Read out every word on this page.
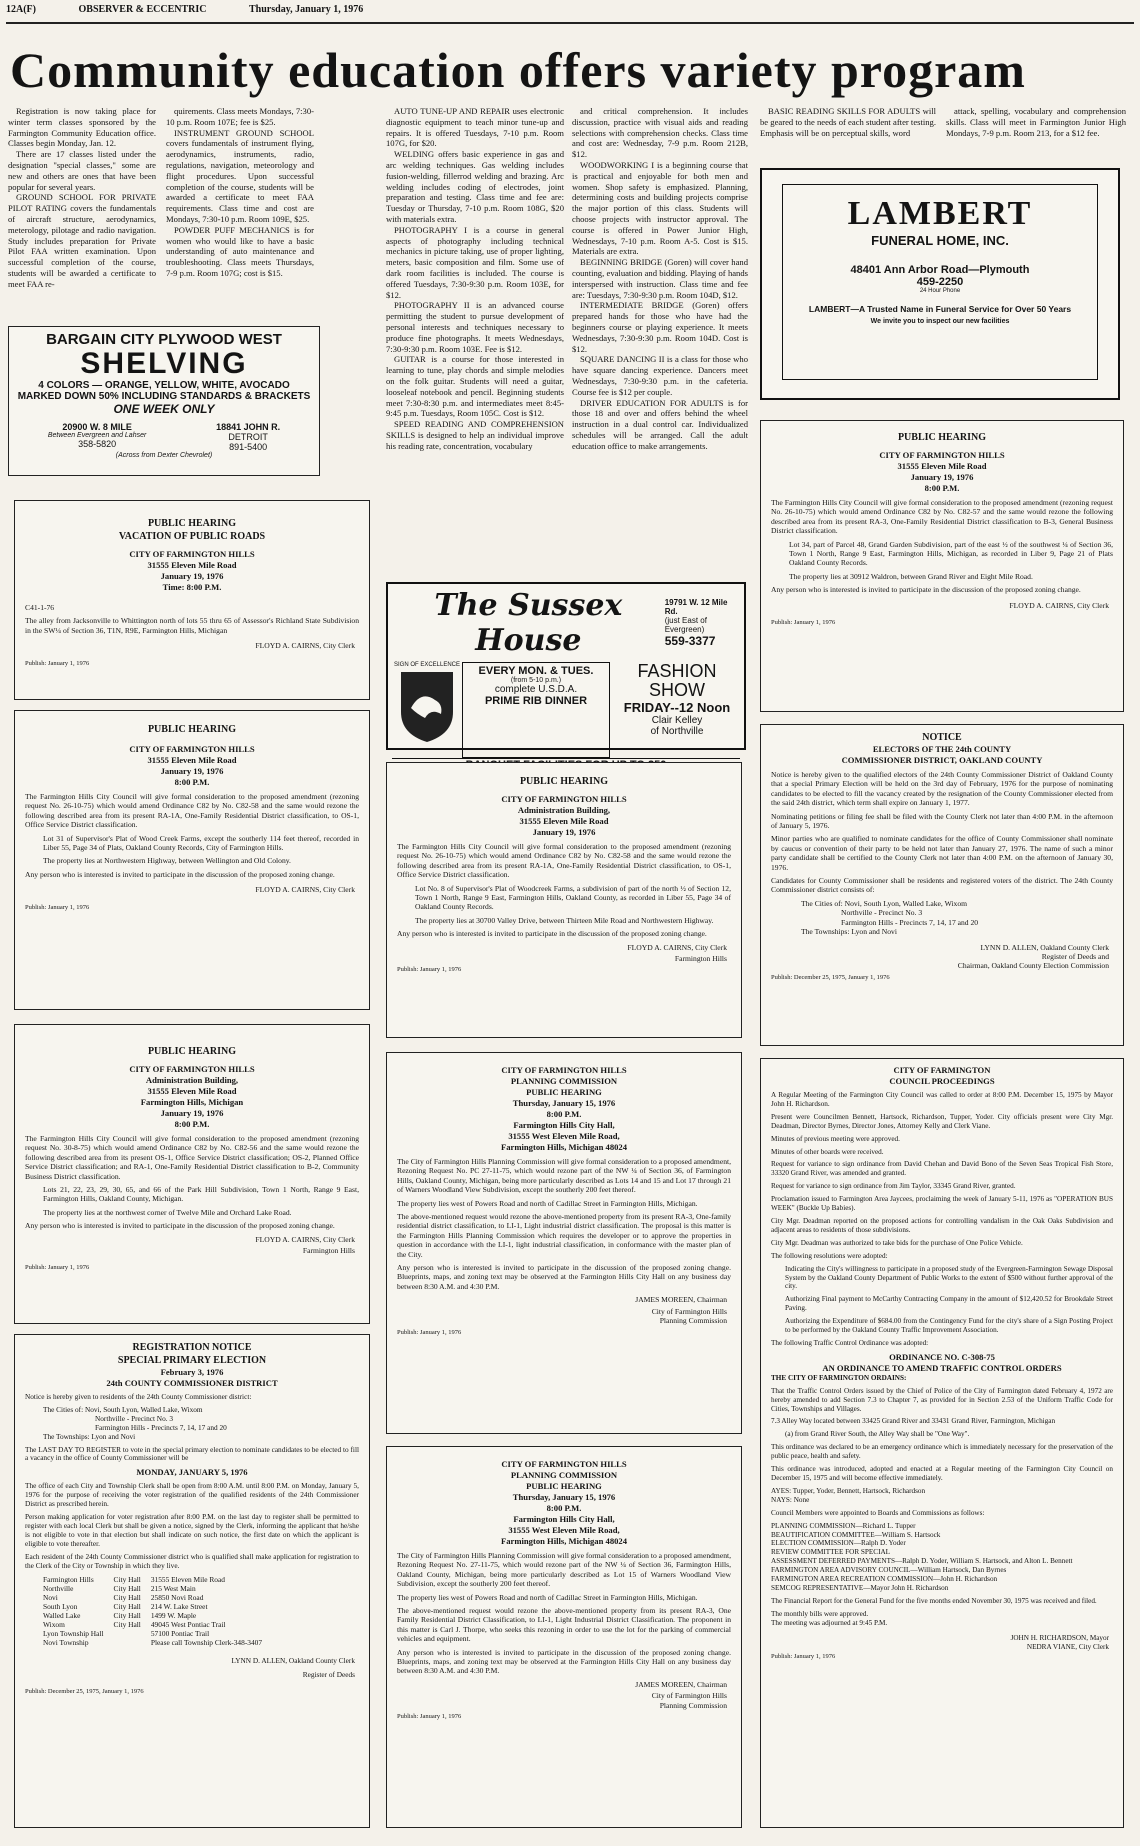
12A(F)	OBSERVER & ECCENTRIC	Thursday, January 1, 1976
Community education offers variety program

Registration is now taking place for winter term classes sponsored by the Farmington Community Education office. Classes begin Monday, Jan. 12.

There are 17 classes listed under the designation "special classes," some are new and others are ones that have been popular for several years.

GROUND SCHOOL FOR PRIVATE PILOT RATING covers the fundamentals of aircraft structure, aerodynamics, meterology, pilotage and radio navigation. Study includes preparation for Private Pilot FAA written examination. Upon successful completion of the course, students will be awarded a certificate to meet FAA re-

quirements. Class meets Mondays, 7:30-10 p.m. Room 107E; fee is $25.

INSTRUMENT GROUND SCHOOL covers fundamentals of instrument flying, aerodynamics, instruments, radio, regulations, navigation, meteorology and flight procedures. Upon successful completion of the course, students will be awarded a certificate to meet FAA requirements. Class time and cost are Mondays, 7:30-10 p.m. Room 109E, $25.

POWDER PUFF MECHANICS is for women who would like to have a basic understanding of auto maintenance and troubleshooting. Class meets Thursdays, 7-9 p.m. Room 107G; cost is $15.

AUTO TUNE-UP AND REPAIR uses electronic diagnostic equipment to teach minor tune-up and repairs. It is offered Tuesdays, 7-10 p.m. Room 107G, for $20.

WELDING offers basic experience in gas and arc welding techniques. Gas welding includes fusion-welding, fillerrod welding and brazing. Arc welding includes coding of electrodes, joint preparation and testing. Class time and fee are: Tuesday or Thursday, 7-10 p.m. Room 108G, $20 with materials extra.

PHOTOGRAPHY I is a course in general aspects of photography including technical mechanics in picture taking, use of proper lighting, meters, basic composition and film. Some use of dark room facilities is included. The course is offered Tuesdays, 7:30-9:30 p.m. Room 103E, for $12.

PHOTOGRAPHY II is an advanced course permitting the student to pursue development of personal interests and techniques necessary to produce fine photographs. It meets Wednesdays, 7:30-9:30 p.m. Room 103E. Fee is $12.

GUITAR is a course for those interested in learning to tune, play chords and simple melodies on the folk guitar. Students will need a guitar, looseleaf notebook and pencil. Beginning students meet 7:30-8:30 p.m. and intermediates meet 8:45-9:45 p.m. Tuesdays, Room 105C. Cost is $12.

SPEED READING AND COMPREHENSION SKILLS is designed to help an individual improve his reading rate, concentration, vocabulary

and critical comprehension. It includes discussion, practice with visual aids and reading selections with comprehension checks. Class time and cost are: Wednesday, 7-9 p.m. Room 212B, $12.

WOODWORKING I is a beginning course that is practical and enjoyable for both men and women. Shop safety is emphasized. Planning, determining costs and building projects comprise the major portion of this class. Students will choose projects with instructor approval. The course is offered in Power Junior High, Wednesdays, 7-10 p.m. Room A-5. Cost is $15. Materials are extra.

BEGINNING BRIDGE (Goren) will cover hand counting, evaluation and bidding. Playing of hands interspersed with instruction. Class time and fee are: Tuesdays, 7:30-9:30 p.m. Room 104D, $12.

INTERMEDIATE BRIDGE (Goren) offers prepared hands for those who have had the beginners course or playing experience. It meets Wednesdays, 7:30-9:30 p.m. Room 104D. Cost is $12.

SQUARE DANCING II is a class for those who have square dancing experience. Dancers meet Wednesdays, 7:30-9:30 p.m. in the cafeteria. Course fee is $12 per couple.

DRIVER EDUCATION FOR ADULTS is for those 18 and over and offers behind the wheel instruction in a dual control car. Individualized schedules will be arranged. Call the adult education office to make arrangements.

BASIC READING SKILLS FOR ADULTS will be geared to the needs of each student after testing. Emphasis will be on perceptual skills, word

attack, spelling, vocabulary and comprehension skills. Class will meet in Farmington Junior High Mondays, 7-9 p.m. Room 213, for a $12 fee.

BARGAIN CITY PLYWOOD WEST
SHELVING
4 COLORS — ORANGE, YELLOW, WHITE, AVOCADO
MARKED DOWN 50% INCLUDING STANDARDS & BRACKETS
ONE WEEK ONLY
20900 W. 8 MILE
Between Evergreen and Lahser
358-5820
18841 JOHN R.
DETROIT
891-5400
(Across from Dexter Chevrolet)
LAMBERT
FUNERAL HOME, INC.
48401 Ann Arbor Road—Plymouth
459-2250
24 Hour Phone
LAMBERT—A Trusted Name in Funeral Service for Over 50 Years
We invite you to inspect our new facilities
The Sussex House
19791 W. 12 Mile Rd.
(just East of Evergreen)
559-3377
SIGN OF EXCELLENCE	EVERY MON. & TUES.
(from 5-10 p.m.)
complete U.S.D.A.
PRIME RIB DINNER
FASHION
SHOW
FRIDAY--12 Noon
Clair Kelley
of Northville
PUBLIC HEARING
VACATION OF PUBLIC ROADS
CITY OF FARMINGTON HILLS
31555 Eleven Mile Road
January 19, 1976
Time: 8:00 P.M.
C41-1-76

The alley from Jacksonville to Whittington north of lots 55 thru 65 of Assessor's Richland State Subdivision in the SW¼ of Section 36, T1N, R9E, Farmington Hills, Michigan

FLOYD A. CAIRNS, City Clerk
Publish: January 1, 1976
PUBLIC HEARING
CITY OF FARMINGTON HILLS
31555 Eleven Mile Road
January 19, 1976
8:00 P.M.

The Farmington Hills City Council will give formal consideration to the proposed amendment (rezoning request No. 26-10-75) which would amend Ordinance C82 by No. C82-58 and the same would rezone the following described area from its present RA-1A, One-Family Residential District classification, to OS-1, Office Service District classification.

Lot 31 of Supervisor's Plat of Wood Creek Farms, except the southerly 114 feet thereof, recorded in Liber 55, Page 34 of Plats, Oakland County Records, City of Farmington Hills.

The property lies at Northwestern Highway, between Wellington and Old Colony.

Any person who is interested is invited to participate in the discussion of the proposed zoning change.

FLOYD A. CAIRNS, City Clerk
Publish: January 1, 1976
PUBLIC HEARING
CITY OF FARMINGTON HILLS
Administration Building,
31555 Eleven Mile Road
Farmington Hills, Michigan
January 19, 1976
8:00 P.M.

The Farmington Hills City Council will give formal consideration to the proposed amendment (rezoning request No. 30-8-75) which would amend Ordinance C82 by No. C82-56 and the same would rezone the following described area from its present OS-1, Office Service District classification; OS-2, Planned Office Service District classification; and RA-1, One-Family Residential District classification to B-2, Community Business District classification.

Lots 21, 22, 23, 29, 30, 65, and 66 of the Park Hill Subdivision, Town 1 North, Range 9 East, Farmington Hills, Oakland County, Michigan.

The property lies at the northwest corner of Twelve Mile and Orchard Lake Road.

Any person who is interested is invited to participate in the discussion of the proposed zoning change.

FLOYD A. CAIRNS, City Clerk
Farmington Hills
Publish: January 1, 1976
REGISTRATION NOTICE
SPECIAL PRIMARY ELECTION
February 3, 1976
24th COUNTY COMMISSIONER DISTRICT

Notice is hereby given to residents of the 24th County Commissioner district:

The Cities of: Novi, South Lyon, Walled Lake, Wixom
Northville - Precinct No. 3
Farmington Hills - Precincts 7, 14, 17 and 20
The Townships: Lyon and Novi

The LAST DAY TO REGISTER to vote in the special primary election to nominate candidates to be elected to fill a vacancy in the office of County Commissioner will be

MONDAY, JANUARY 5, 1976

The office of each City and Township Clerk shall be open from 8:00 A.M. until 8:00 P.M. on Monday, January 5, 1976 for the purpose of receiving the voter registration of the qualified residents of the 24th Commissioner District as prescribed herein.

Person making application for voter registration after 8:00 P.M. on the last day to register shall be permitted to register with each local Clerk but shall be given a notice, signed by the Clerk, informing the applicant that he/she is not eligible to vote in that election but shall indicate on such notice, the first date on which the applicant is eligible to vote thereafter.

Each resident of the 24th County Commissioner district who is qualified shall make application for registration to the Clerk of the City or Township in which they live.

Farmington Hills	City Hall	31555 Eleven Mile Road
Northville	City Hall	215 West Main
Novi	City Hall	25850 Novi Road
South Lyon	City Hall	214 W. Lake Street
Walled Lake	City Hall	1499 W. Maple
Wixom	City Hall	49045 West Pontiac Trail
Lyon Township Hall		57100 Pontiac Trail
Novi Township		Please call Township Clerk-348-3407
LYNN D. ALLEN, Oakland County Clerk
Register of Deeds
Publish: December 25, 1975, January 1, 1976
PUBLIC HEARING
CITY OF FARMINGTON HILLS
Administration Building,
31555 Eleven Mile Road
January 19, 1976

The Farmington Hills City Council will give formal consideration to the proposed amendment (rezoning request No. 26-10-75) which would amend Ordinance C82 by No. C82-58 and the same would rezone the following described area from its present RA-1A, One-Family Residential District classification, to OS-1, Office Service District classification.

Lot No. 8 of Supervisor's Plat of Woodcreek Farms, a subdivision of part of the north ½ of Section 12, Town 1 North, Range 9 East, Farmington Hills, Oakland County, as recorded in Liber 55, Page 34 of Oakland County Records.

The property lies at 30700 Valley Drive, between Thirteen Mile Road and Northwestern Highway.

Any person who is interested is invited to participate in the discussion of the proposed zoning change.

FLOYD A. CAIRNS, City Clerk
Farmington Hills
Publish: January 1, 1976
CITY OF FARMINGTON HILLS
PLANNING COMMISSION
PUBLIC HEARING
Thursday, January 15, 1976
8:00 P.M.
Farmington Hills City Hall,
31555 West Eleven Mile Road,
Farmington Hills, Michigan 48024

The City of Farmington Hills Planning Commission will give formal consideration to a proposed amendment, Rezoning Request No. PC 27-11-75, which would rezone part of the NW ¼ of Section 36, of Farmington Hills, Oakland County, Michigan, being more particularly described as Lots 14 and 15 and Lot 17 through 21 of Warners Woodland View Subdivision, except the southerly 200 feet thereof.

The property lies west of Powers Road and north of Cadillac Street in Farmington Hills, Michigan.

The above-mentioned request would rezone the above-mentioned property from its present RA-3, One-family residential district classification, to LI-1, Light industrial district classification. The proposal is this matter is the Farmington Hills Planning Commission which requires the developer or to approve the properties in question in accordance with the LI-1, light industrial classification, in conformance with the master plan of the City.

Any person who is interested is invited to participate in the discussion of the proposed zoning change. Blueprints, maps, and zoning text may be observed at the Farmington Hills City Hall on any business day between 8:30 A.M. and 4:30 P.M.

JAMES MOREEN, Chairman
City of Farmington Hills
Planning Commission
Publish: January 1, 1976
CITY OF FARMINGTON HILLS
PLANNING COMMISSION
PUBLIC HEARING
Thursday, January 15, 1976
8:00 P.M.
Farmington Hills City Hall,
31555 West Eleven Mile Road,
Farmington Hills, Michigan 48024

The City of Farmington Hills Planning Commission will give formal consideration to a proposed amendment, Rezoning Request No. 27-11-75, which would rezone part of the NW ¼ of Section 36, Farmington Hills, Oakland County, Michigan, being more particularly described as Lot 15 of Warners Woodland View Subdivision, except the southerly 200 feet thereof.

The property lies west of Powers Road and north of Cadillac Street in Farmington Hills, Michigan.

The above-mentioned request would rezone the above-mentioned property from its present RA-3, One Family Residential District Classification, to LI-1, Light Industrial District Classification. The proponent in this matter is Carl J. Thorpe, who seeks this rezoning in order to use the lot for the parking of commercial vehicles and equipment.

Any person who is interested is invited to participate in the discussion of the proposed zoning change. Blueprints, maps, and zoning text may be observed at the Farmington Hills City Hall on any business day between 8:30 A.M. and 4:30 P.M.

JAMES MOREEN, Chairman
City of Farmington Hills
Planning Commission
Publish: January 1, 1976
PUBLIC HEARING
CITY OF FARMINGTON HILLS
31555 Eleven Mile Road
January 19, 1976
8:00 P.M.

The Farmington Hills City Council will give formal consideration to the proposed amendment (rezoning request No. 26-10-75) which would amend Ordinance C82 by No. C82-57 and the same would rezone the following described area from its present RA-3, One-Family Residential District classification to B-3, General Business District classification.

Lot 34, part of Parcel 48, Grand Garden Subdivision, part of the east ½ of the southwest ¼ of Section 36, Town 1 North, Range 9 East, Farmington Hills, Michigan, as recorded in Liber 9, Page 21 of Plats Oakland County Records.

The property lies at 30912 Waldron, between Grand River and Eight Mile Road.

Any person who is interested is invited to participate in the discussion of the proposed zoning change.

FLOYD A. CAIRNS, City Clerk
Publish: January 1, 1976
NOTICE
ELECTORS OF THE 24th COUNTY
COMMISSIONER DISTRICT, OAKLAND COUNTY

Notice is hereby given to the qualified electors of the 24th County Commissioner District of Oakland County that a special Primary Election will be held on the 3rd day of February, 1976 for the purpose of nominating candidates to be elected to fill the vacancy created by the resignation of the County Commissioner elected from the said 24th district, which term shall expire on January 1, 1977.

Nominating petitions or filing fee shall be filed with the County Clerk not later than 4:00 P.M. in the afternoon of January 5, 1976.

Minor parties who are qualified to nominate candidates for the office of County Commissioner shall nominate by caucus or convention of their party to be held not later than January 27, 1976. The name of such a minor party candidate shall be certified to the County Clerk not later than 4:00 P.M. on the afternoon of January 30, 1976.

Candidates for County Commissioner shall be residents and registered voters of the district. The 24th County Commissioner district consists of:

The Cities of: Novi, South Lyon, Walled Lake, Wixom
Northville - Precinct No. 3
Farmington Hills - Precincts 7, 14, 17 and 20
The Townships: Lyon and Novi
LYNN D. ALLEN, Oakland County Clerk
Register of Deeds and
Chairman, Oakland County Election Commission
Publish: December 25, 1975, January 1, 1976
CITY OF FARMINGTON
COUNCIL PROCEEDINGS

A Regular Meeting of the Farmington City Council was called to order at 8:00 P.M. December 15, 1975 by Mayor John H. Richardson.

Present were Councilmen Bennett, Hartsock, Richardson, Tupper, Yoder. City officials present were City Mgr. Deadman, Director Byrnes, Director Jones, Attorney Kelly and Clerk Viane.

Minutes of previous meeting were approved.

Minutes of other boards were received.

Request for variance to sign ordinance from David Chehan and David Bono of the Seven Seas Tropical Fish Store, 33320 Grand River, was amended and granted.

Request for variance to sign ordinance from Jim Taylor, 33345 Grand River, granted.

Proclamation issued to Farmington Area Jaycees, proclaiming the week of January 5-11, 1976 as "OPERATION BUS WEEK" (Buckle Up Babies).

City Mgr. Deadman reported on the proposed actions for controlling vandalism in the Oak Oaks Subdivision and adjacent areas to residents of those subdivisions.

City Mgr. Deadman was authorized to take bids for the purchase of One Police Vehicle.

The following resolutions were adopted:

Indicating the City's willingness to participate in a proposed study of the Evergreen-Farmington Sewage Disposal System by the Oakland County Department of Public Works to the extent of $500 without further approval of the city.

Authorizing Final payment to McCarthy Contracting Company in the amount of $12,420.52 for Brookdale Street Paving.

Authorizing the Expenditure of $684.00 from the Contingency Fund for the city's share of a Sign Posting Project to be performed by the Oakland County Traffic Improvement Association.

The following Traffic Control Ordinance was adopted:

ORDINANCE NO. C-308-75
AN ORDINANCE TO AMEND TRAFFIC CONTROL ORDERS
THE CITY OF FARMINGTON ORDAINS:

That the Traffic Control Orders issued by the Chief of Police of the City of Farmington dated February 4, 1972 are hereby amended to add Section 7.3 to Chapter 7, as provided for in Section 2.53 of the Uniform Traffic Code for Cities, Townships and Villages.

7.3 Alley Way located between 33425 Grand River and 33431 Grand River, Farmington, Michigan

(a) from Grand River South, the Alley Way shall be "One Way".

This ordinance was declared to be an emergency ordinance which is immediately necessary for the preservation of the public peace, health and safety.

This ordinance was introduced, adopted and enacted at a Regular meeting of the Farmington City Council on December 15, 1975 and will become effective immediately.

AYES: Tupper, Yoder, Bennett, Hartsock, Richardson
NAYS: None

Council Members were appointed to Boards and Commissions as follows:

PLANNING COMMISSION—Richard L. Tupper
BEAUTIFICATION COMMITTEE—William S. Hartsock
ELECTION COMMISSION—Ralph D. Yoder
REVIEW COMMITTEE FOR SPECIAL
ASSESSMENT DEFERRED PAYMENTS—Ralph D. Yoder, William S. Hartsock, and Alton L. Bennett
FARMINGTON AREA ADVISORY COUNCIL—William Hartsock, Dan Byrnes
FARMINGTON AREA RECREATION COMMISSION—John H. Richardson
SEMCOG REPRESENTATIVE—Mayor John H. Richardson

The Financial Report for the General Fund for the five months ended November 30, 1975 was received and filed.

The monthly bills were approved.
The meeting was adjourned at 9:45 P.M.
JOHN H. RICHARDSON, Mayor
NEDRA VIANE, City Clerk
Publish: January 1, 1976
